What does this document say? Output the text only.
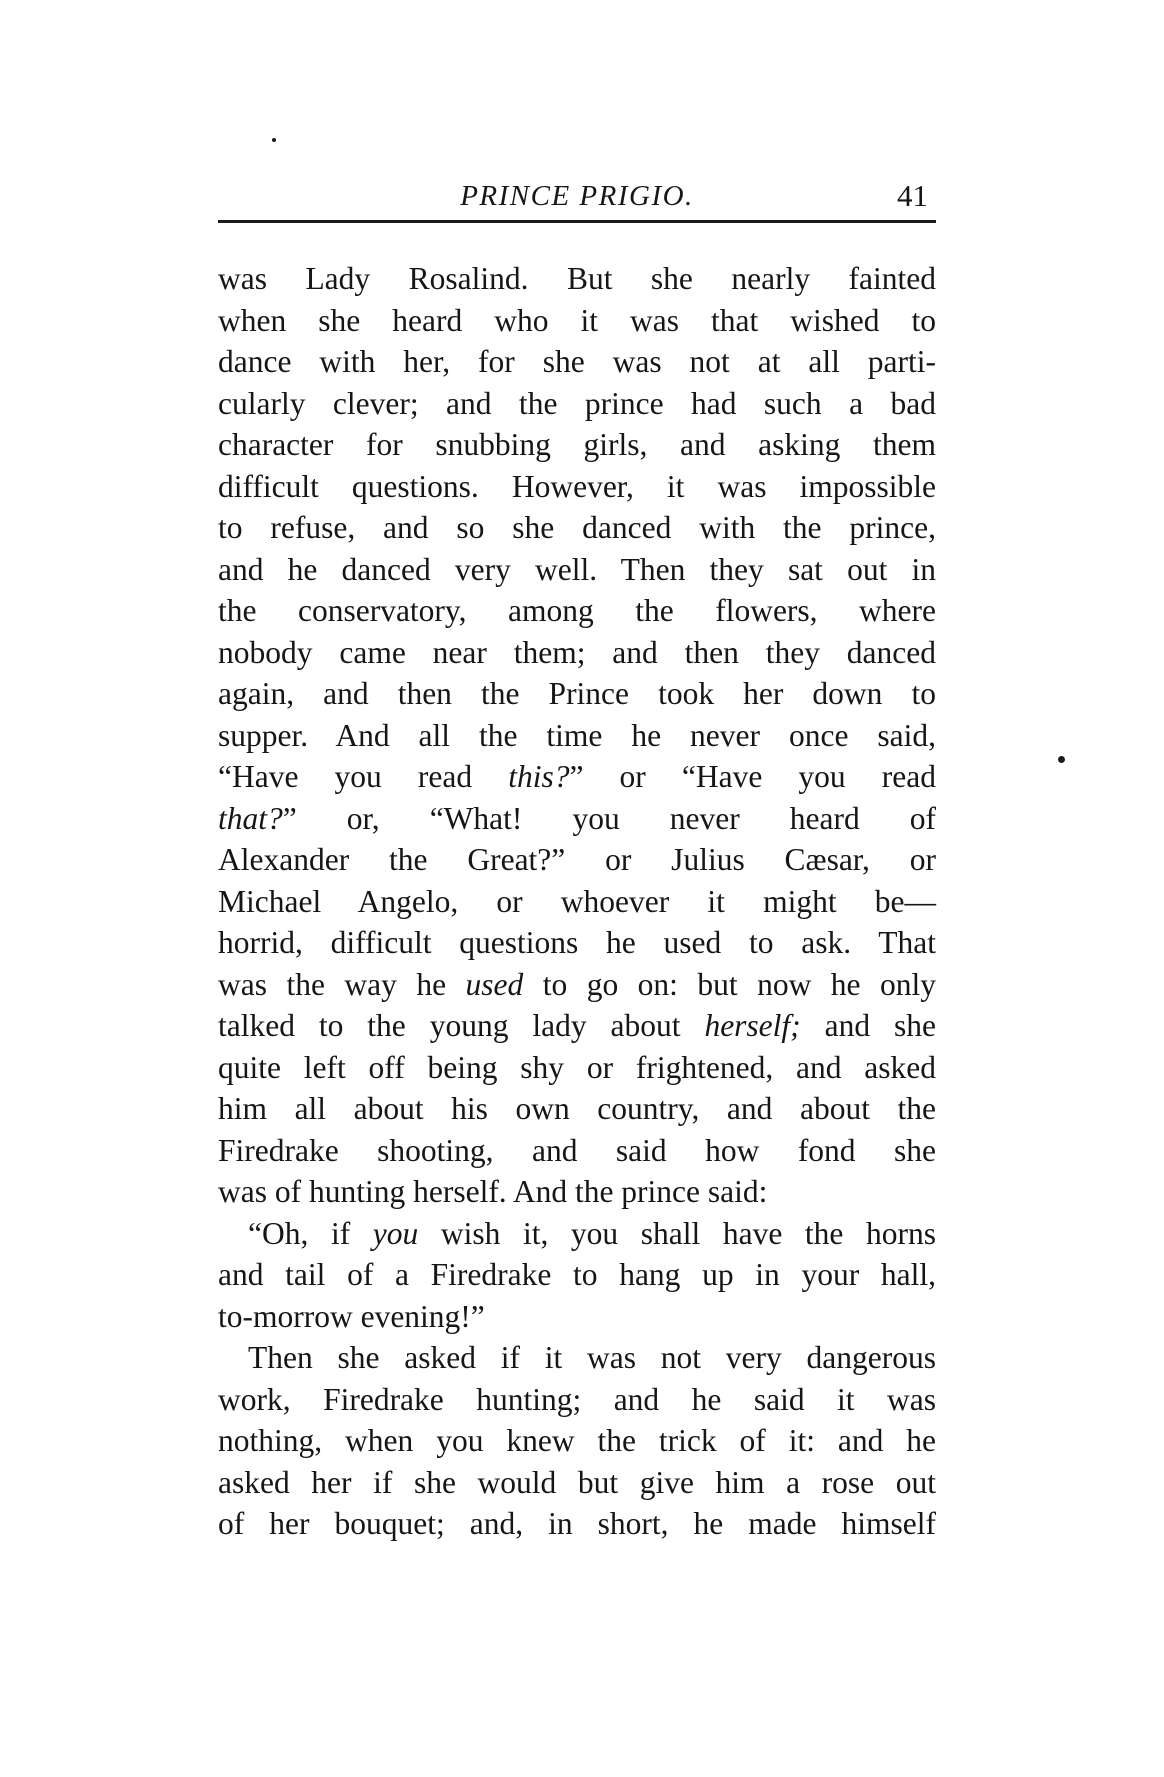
PRINCE PRIGIO.	41
was Lady Rosalind. But she nearly fainted
when she heard who it was that wished to
dance with her, for she was not at all parti-
cularly clever; and the prince had such a bad
character for snubbing girls, and asking them
difficult questions. However, it was impossible
to refuse, and so she danced with the prince,
and he danced very well. Then they sat out in
the conservatory, among the flowers, where
nobody came near them; and then they danced
again, and then the Prince took her down to
supper. And all the time he never once said,
“Have you read this?” or “Have you read
that?” or, “What! you never heard of
Alexander the Great?” or Julius Cæsar, or
Michael Angelo, or whoever it might be—
horrid, difficult questions he used to ask. That
was the way he used to go on: but now he only
talked to the young lady about herself; and she
quite left off being shy or frightened, and asked
him all about his own country, and about the
Firedrake shooting, and said how fond she
was of hunting herself. And the prince said:
“Oh, if you wish it, you shall have the horns
and tail of a Firedrake to hang up in your hall,
to-morrow evening!”
Then she asked if it was not very dangerous
work, Firedrake hunting; and he said it was
nothing, when you knew the trick of it: and he
asked her if she would but give him a rose out
of her bouquet; and, in short, he made himself
